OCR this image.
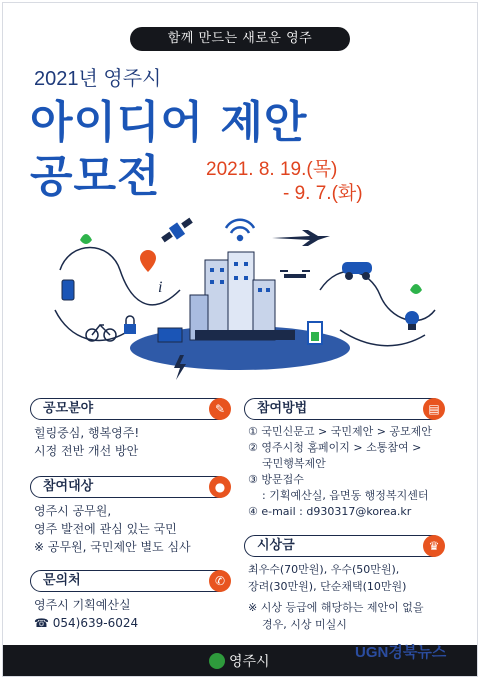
함께 만드는 새로운 영주
2021년 영주시
아이디어 제안
공모전 2021. 8. 19.(목)
- 9. 7.(화)
i
공모분야	✎
힐링중심, 행복영주!
시정 전반 개선 방안
참여대상	●
영주시 공무원,
영주 발전에 관심 있는 국민
※ 공무원, 국민제안 별도 심사
문의처	✆
영주시 기획예산실
☎ 054)639-6024
참여방법	▤
① 국민신문고 > 국민제안 > 공모제안
② 영주시청 홈페이지 > 소통참여 >
국민행복제안
③ 방문접수
: 기획예산실, 읍면동 행정복지센터
④ e-mail : d930317@korea.kr
시상금	♛
최우수(70만원), 우수(50만원),
장려(30만원), 단순채택(10만원)
※ 시상 등급에 해당하는 제안이 없을
경우, 시상 미실시
영주시
UGN경북뉴스
